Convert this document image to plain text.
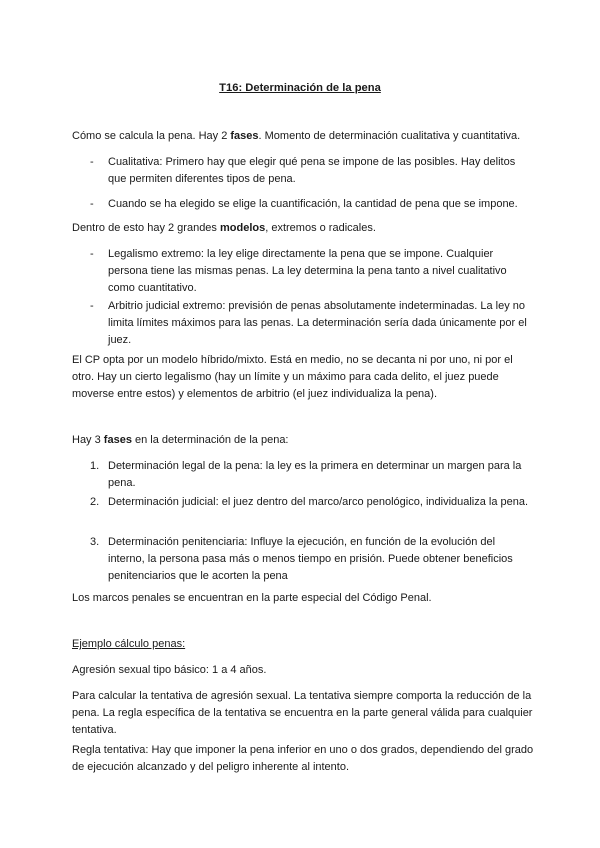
T16: Determinación de la pena

Cómo se calcula la pena. Hay 2 fases. Momento de determinación cualitativa y cuantitativa.

- Cualitativa: Primero hay que elegir qué pena se impone de las posibles. Hay delitos que permiten diferentes tipos de pena.
- Cuando se ha elegido se elige la cuantificación, la cantidad de pena que se impone.

Dentro de esto hay 2 grandes modelos, extremos o radicales.

- Legalismo extremo: la ley elige directamente la pena que se impone. Cualquier persona tiene las mismas penas. La ley determina la pena tanto a nivel cualitativo como cuantitativo.
- Arbitrio judicial extremo: previsión de penas absolutamente indeterminadas. La ley no limita límites máximos para las penas. La determinación sería dada únicamente por el juez.

El CP opta por un modelo híbrido/mixto. Está en medio, no se decanta ni por uno, ni por el otro. Hay un cierto legalismo (hay un límite y un máximo para cada delito, el juez puede moverse entre estos) y elementos de arbitrio (el juez individualiza la pena).

Hay 3 fases en la determinación de la pena:

1. Determinación legal de la pena: la ley es la primera en determinar un margen para la pena.
2. Determinación judicial: el juez dentro del marco/arco penológico, individualiza la pena.
3. Determinación penitenciaria: Influye la ejecución, en función de la evolución del interno, la persona pasa más o menos tiempo en prisión. Puede obtener beneficios penitenciarios que le acorten la pena

Los marcos penales se encuentran en la parte especial del Código Penal.

Ejemplo cálculo penas:

Agresión sexual tipo básico: 1 a 4 años.

Para calcular la tentativa de agresión sexual. La tentativa siempre comporta la reducción de la pena. La regla específica de la tentativa se encuentra en la parte general válida para cualquier tentativa.

Regla tentativa: Hay que imponer la pena inferior en uno o dos grados, dependiendo del grado de ejecución alcanzado y del peligro inherente al intento.
